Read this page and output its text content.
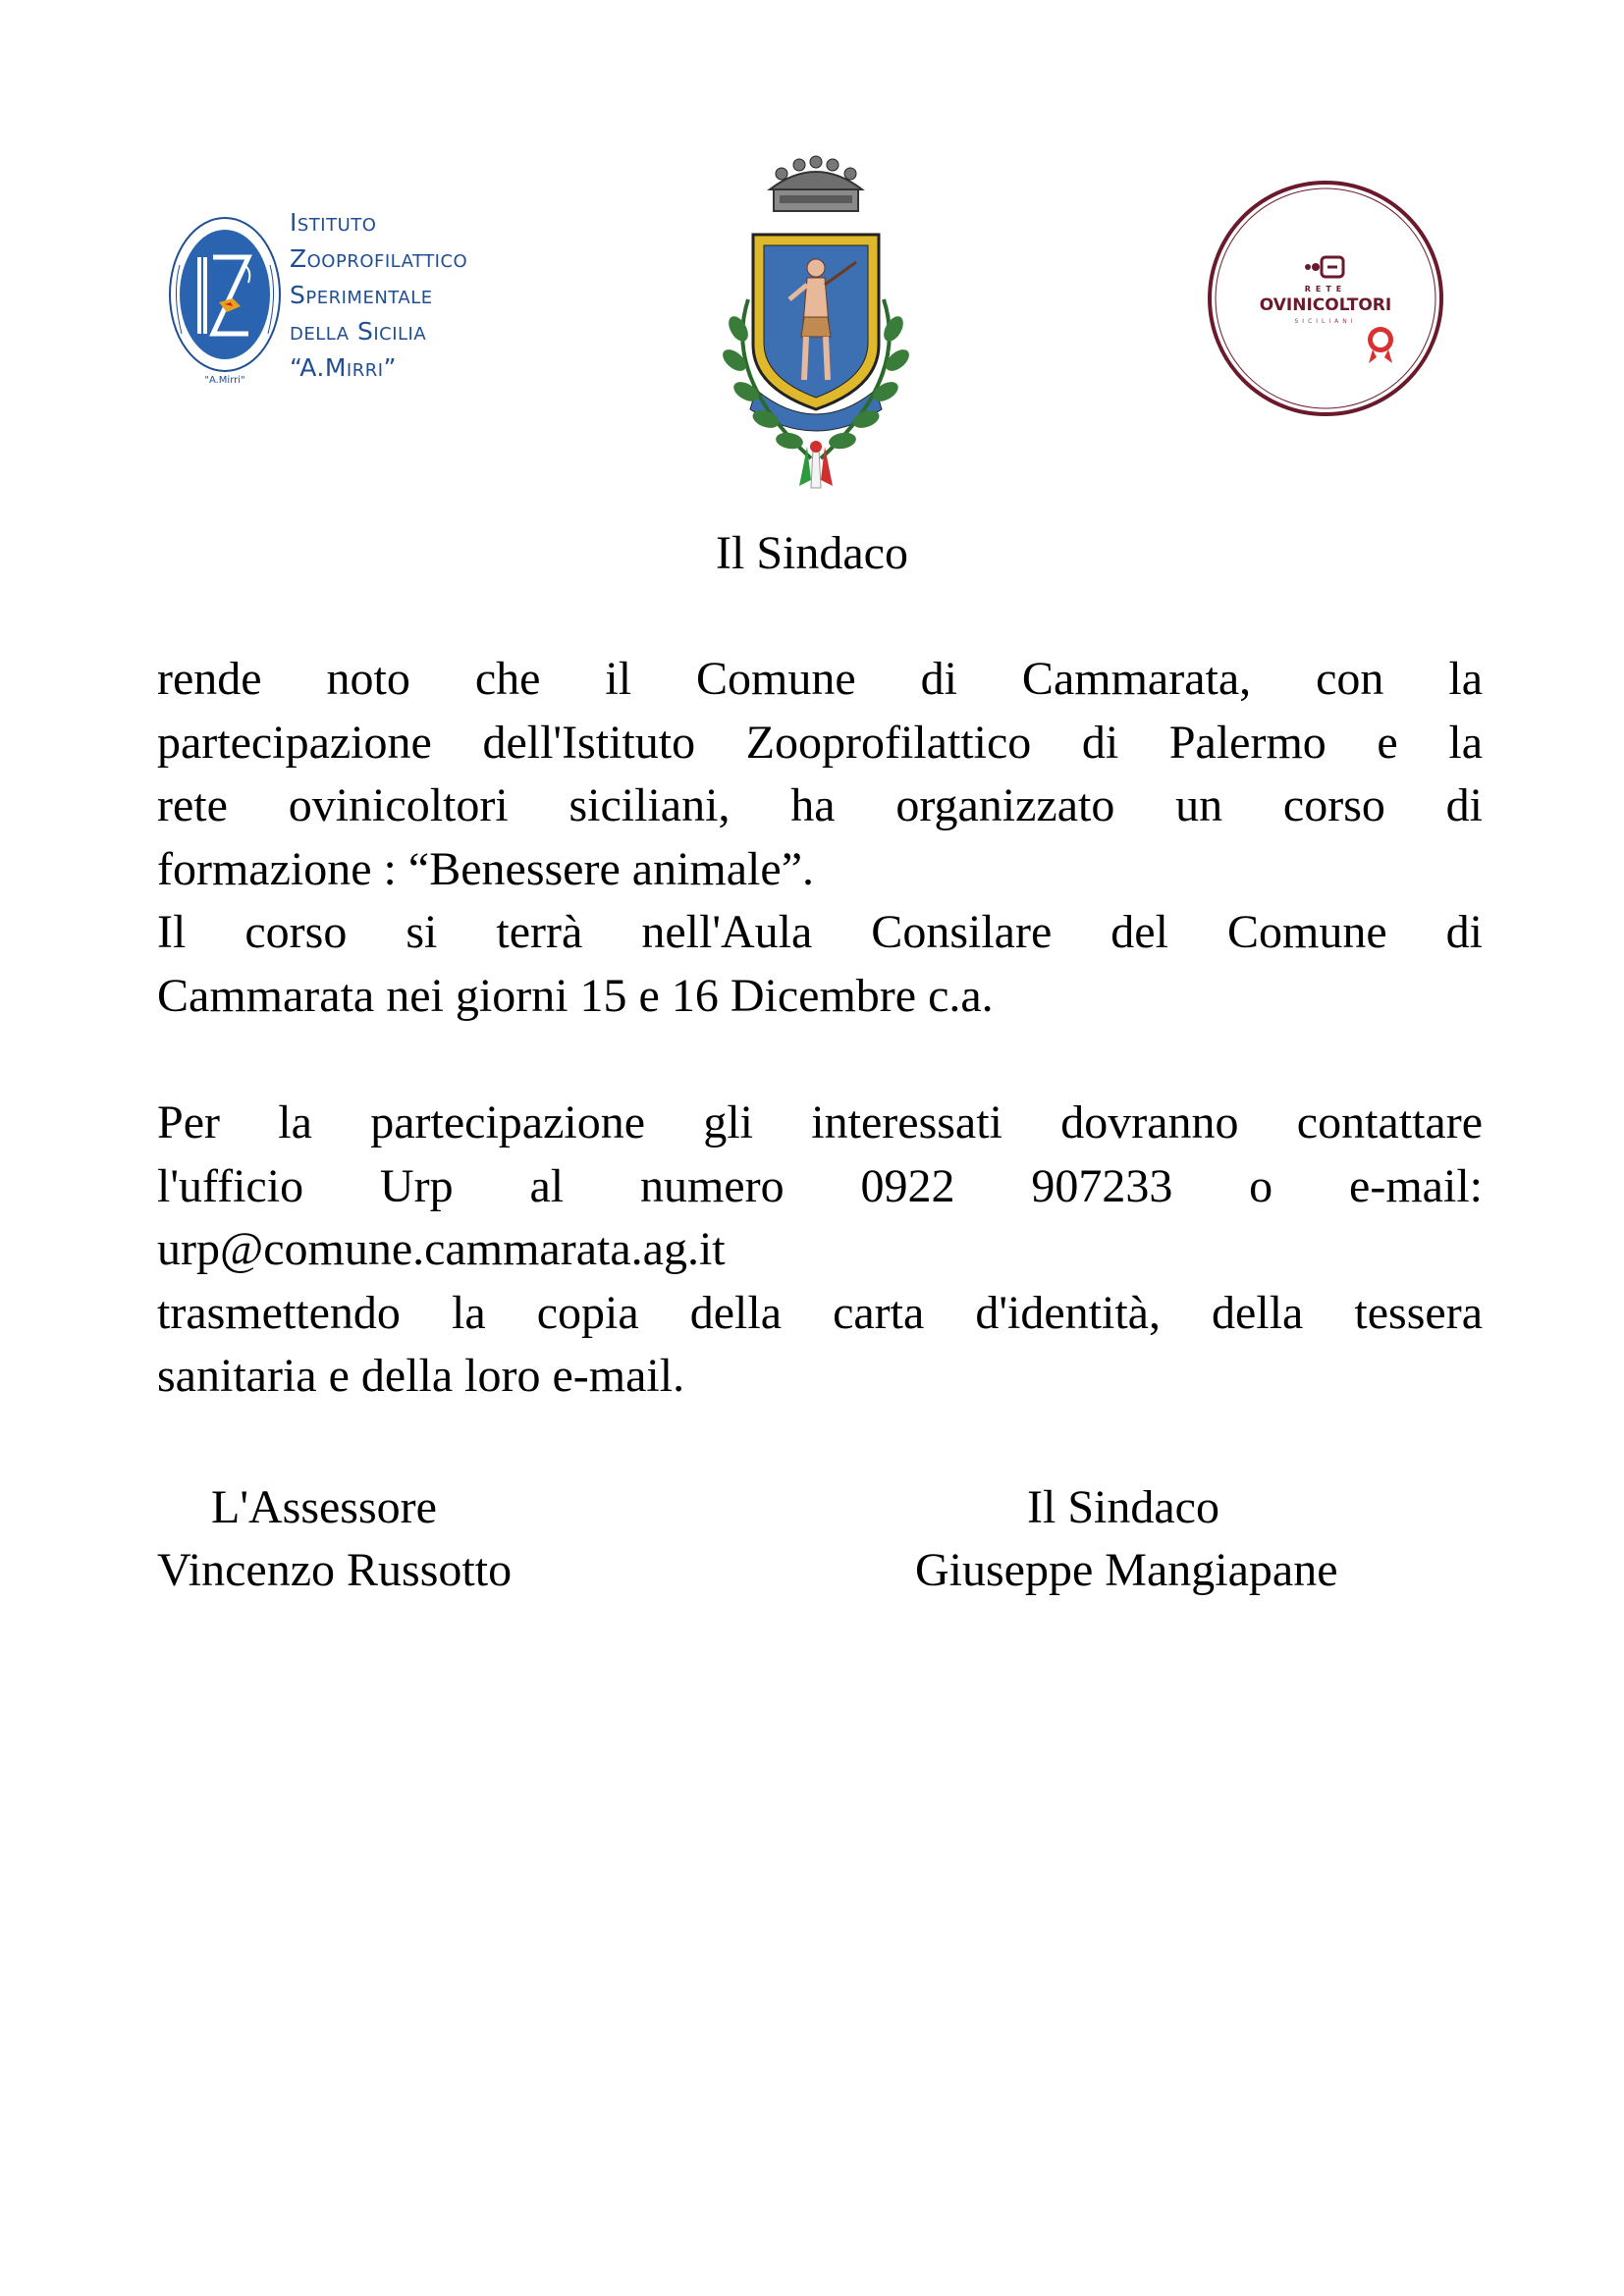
"A.Mirri"
Istituto
Zooprofilattico
Sperimentale
della Sicilia
“A.Mirri”
RETE
OVINICOLTORI
SICILIANI
Il Sindaco
rende noto che il Comune di Cammarata, con la
partecipazione dell'Istituto Zooprofilattico di Palermo e la
rete ovinicoltori siciliani, ha organizzato un corso di
formazione : “Benessere animale”.
Il corso si terrà nell'Aula Consilare del Comune di
Cammarata nei giorni 15 e 16 Dicembre c.a.
Per la partecipazione gli interessati dovranno contattare
l'ufficio Urp al numero 0922 907233 o e-mail:
urp@comune.cammarata.ag.it
trasmettendo la copia della carta d'identità, della tessera
sanitaria e della loro e-mail.
L'Assessore
Vincenzo Russotto
Il Sindaco
Giuseppe Mangiapane
